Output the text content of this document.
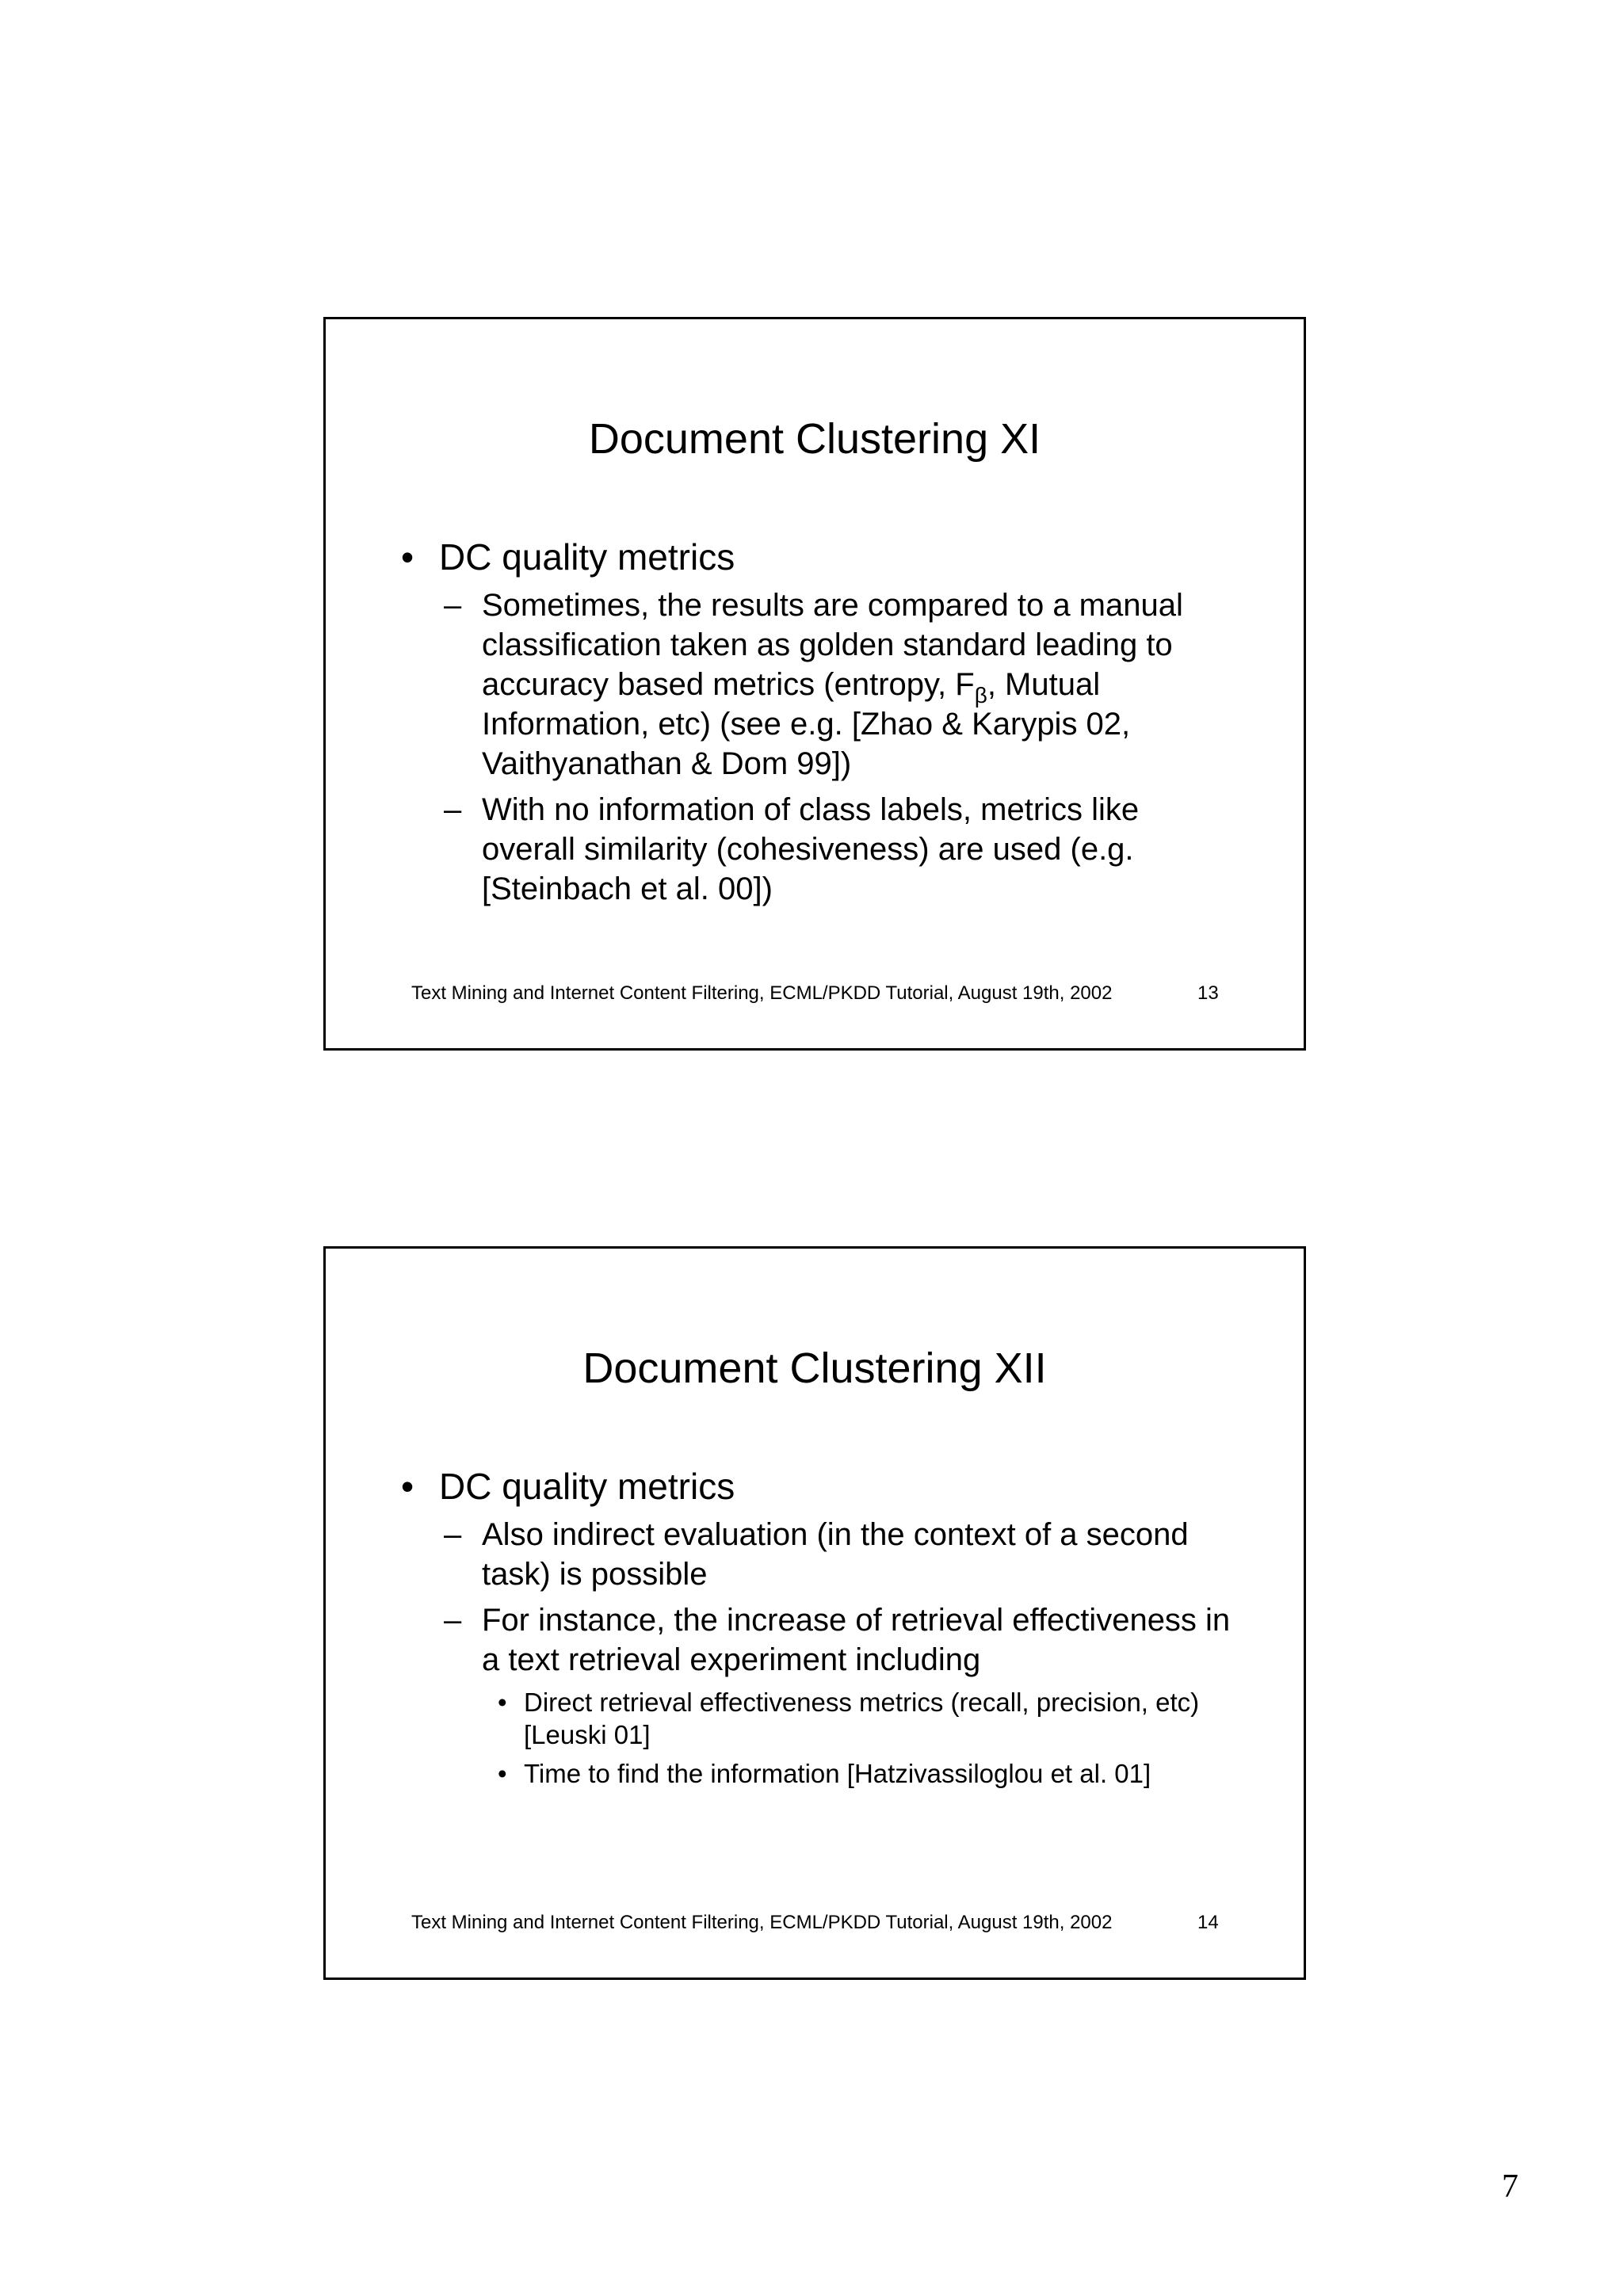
Document Clustering XI
• DC quality metrics
– Sometimes, the results are compared to a manual classification taken as golden standard leading to accuracy based metrics (entropy, $F_\beta$, Mutual Information, etc) (see e.g. [Zhao & Karypis 02, Vaithyanathan & Dom 99])
– With no information of class labels, metrics like overall similarity (cohesiveness) are used (e.g. [Steinbach et al. 00])
Text Mining and Internet Content Filtering, ECML/PKDD Tutorial, August 19th, 2002	13
Document Clustering XII
• DC quality metrics
– Also indirect evaluation (in the context of a second task) is possible
– For instance, the increase of retrieval effectiveness in a text retrieval experiment including
• Direct retrieval effectiveness metrics (recall, precision, etc) [Leuski 01]
• Time to find the information [Hatzivassiloglou et al. 01]
Text Mining and Internet Content Filtering, ECML/PKDD Tutorial, August 19th, 2002	14
7
